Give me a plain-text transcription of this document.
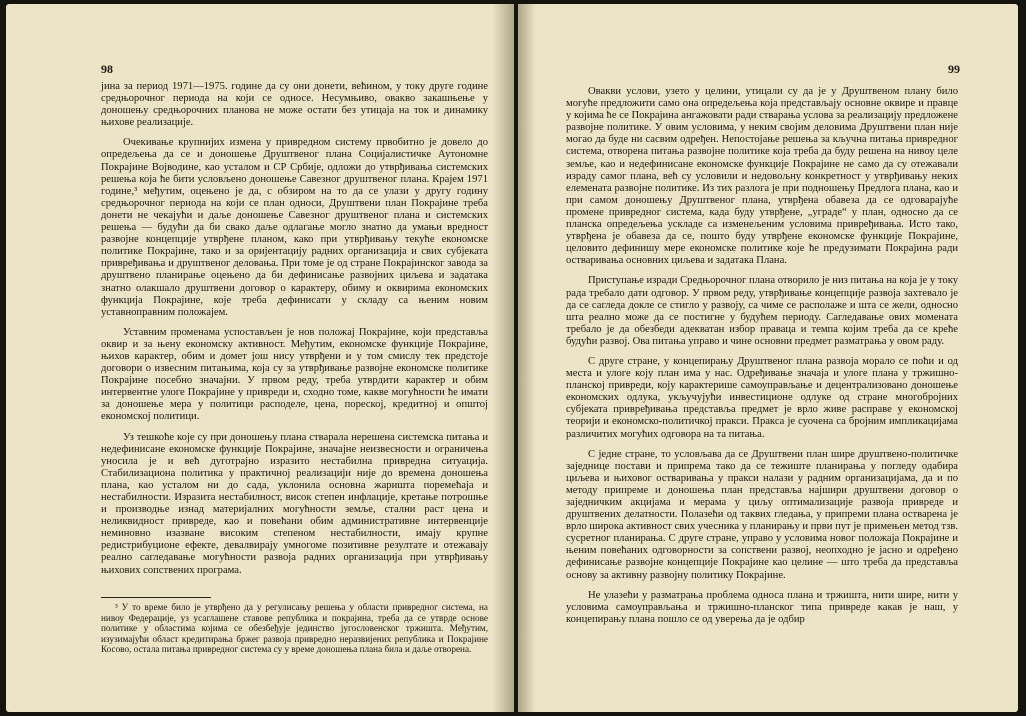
98

јина за период 1971—1975. године да су они донети, већином, у току друге године средњорочног периода на који се односе. Несумњиво, овакво закашњење у доношењу средњорочних планова не може остати без утицаја на ток и динамику њихове реализације.

Очекивање крупнијих измена у привредном систему првобитно је довело до опредељења да се и доношење Друштвеног плана Социјалистичке Аутономне Покрајине Војводине, као усталом и СР Србије, одложи до утврђивања системских решења која ће бити условљено доношење Савезног друштвеног плана. Крајем 1971 године,³ међутим, оцењено је да, с обзиром на то да се улази у другу годину средњорочног периода на који се план односи, Друштвени план Покрајине треба донети не чекајући и даље доношење Савезног друштвеног плана и системских решења — будући да би свако даље одлагање могло знатно да умањи вредност развојне концепције утврђене планом, како при утврђивању текуће економске политике Покрајине, тако и за оријентацију радних организација и свих субјеката привређивања и друштвеног деловања. При томе је од стране Покрајинског завода за друштвено планирање оцењено да би дефинисање развојних циљева и задатака знатно олакшало друштвени договор о карактеру, обиму и оквирима економских функција Покрајине, које треба дефинисати у складу са њеним новим уставноправним положајем.

Уставним променама успостављен је нов положај Покрајине, који представља оквир и за њену економску активност. Међутим, економске функције Покрајине, њихов карактер, обим и домет још нису утврђени и у том смислу тек предстоје договори о извесним питањима, која су за утврђивање развојне економске политике Покрајине посебно значајни. У првом реду, треба утврдити карактер и обим интервентне улоге Покрајине у привреди и, сходно томе, какве могућности ће имати за доношење мера у политици расподеле, цена, пореској, кредитној и општој економској политици.

Уз тешкоће које су при доношењу плана стварала нерешена системска питања и недефинисане економске функције Покрајине, значајне неизвесности и ограничења уносила је и већ дуготрајно изразито нестабилна привредна ситуација. Стабилизациона политика у практичној реализацији није до времена доношења плана, као усталом ни до сада, уклонила основна жаришта поремећаја и нестабилности. Изразита нестабилност, висок степен инфлације, кретање потрошње и производње изнад материјалних могућности земље, стални раст цена и неликвидност привреде, као и повећани обим административне интервенције неминовно изазване високим степеном нестабилности, имају крупне редистрибуционе ефекте, девалвирају умногоме позитивне резултате и отежавају реално сагледавање могућности развоја радних организација при утврђивању њихових сопствених програма.

³ У то време било је утврђено да у регулисању решења у области привредног система, на нивоу Федерације, уз усаглашене ставове република и покрајина, треба да се утврде основе политике у областима којима се обезбеђује јединство југословенског тржишта. Међутим, изузимајући област кредитирања бржег развоја привредно неразвијених република и Покрајине Косово, остала питања привредног система су у време доношења плана била и даље отворена.
99

Овакви услови, узето у целини, утицали су да је у Друштвеном плану било могуће предложити само она опредељења која представљају основне оквире и правце у којима ће се Покрајина ангажовати ради стварања услова за реализацију предложене развојне политике. У овим условима, у неким својим деловима Друштвени план није могао да буде ни сасвим одређен. Непостојање решења за кључна питања привредног система, отворена питања развојне политике која треба да буду решена на нивоу целе земље, као и недефинисане економске функције Покрајине не само да су отежавали израду самог плана, већ су условили и недовољну конкретност у утврђивању неких елемената развојне политике. Из тих разлога је при подношењу Предлога плана, као и при самом доношењу Друштвеног плана, утврђена обавеза да се одговарајуће промене привредног система, када буду утврђене, „уграде“ у план, односно да се планска опредељења ускладе са изменељеним условима привређивања. Исто тако, утврђена је обавеза да се, пошто буду утврђене економске функције Покрајине, целовито дефинишу мере економске политике које ће предузимати Покрајина ради остваривања основних циљева и задатака Плана.

Приступање изради Средњорочног плана отворило је низ питања на која је у току рада требало дати одговор. У првом реду, утврђивање концепције развоја захтевало је да се сагледа докле се стигло у развоју, са чиме се располаже и шта се жели, односно шта реално може да се постигне у будућем периоду. Сагледавање ових момената требало је да обезбеди адекватан избор праваца и темпа којим треба да се креће будући развој. Ова питања управо и чине основни предмет разматрања у овом раду.

С друге стране, у концепирању Друштвеног плана развоја морало се поћи и од места и улоге коју план има у нас. Одређивање значаја и улоге плана у тржишно-планској привреди, коју карактерише самоуправљање и децентрализовано доношење економских одлука, укључујући инвестиционе одлуке од стране многобројних субјеката привређивања представља предмет је врло живе расправе у економској теорији и економско-политичкој пракси. Пракса је суочена са бројним импликацијама различитих могућих одговора на та питања.

С једне стране, то условљава да се Друштвени план шире друштвено-политичке заједнице постави и припрема тако да се тежиште планирања у погледу одабира циљева и њиховог остваривања у пракси налази у радним организацијама, да и по методу припреме и доношења план представља најшири друштвени договор о заједничким акцијама и мерама у циљу оптимализације развоја привреде и друштвених делатности. Полазећи од таквих гледања, у припреми плана остварена је врло широка активност свих учесника у планирању и први пут је примењен метод тзв. сусретног планирања. С друге стране, управо у условима новог положаја Покрајине и њеним повећаних одговорности за сопствени развој, неопходно је јасно и одређено дефинисање развојне концепције Покрајине као целине — што треба да представља основу за активну развојну политику Покрајине.

Не улазећи у разматрања проблема односа плана и тржишта, нити шире, нити у условима самоуправљања и тржишно-планског типа привреде какав је наш, у концепирању плана пошло се од уверења да је одбир
